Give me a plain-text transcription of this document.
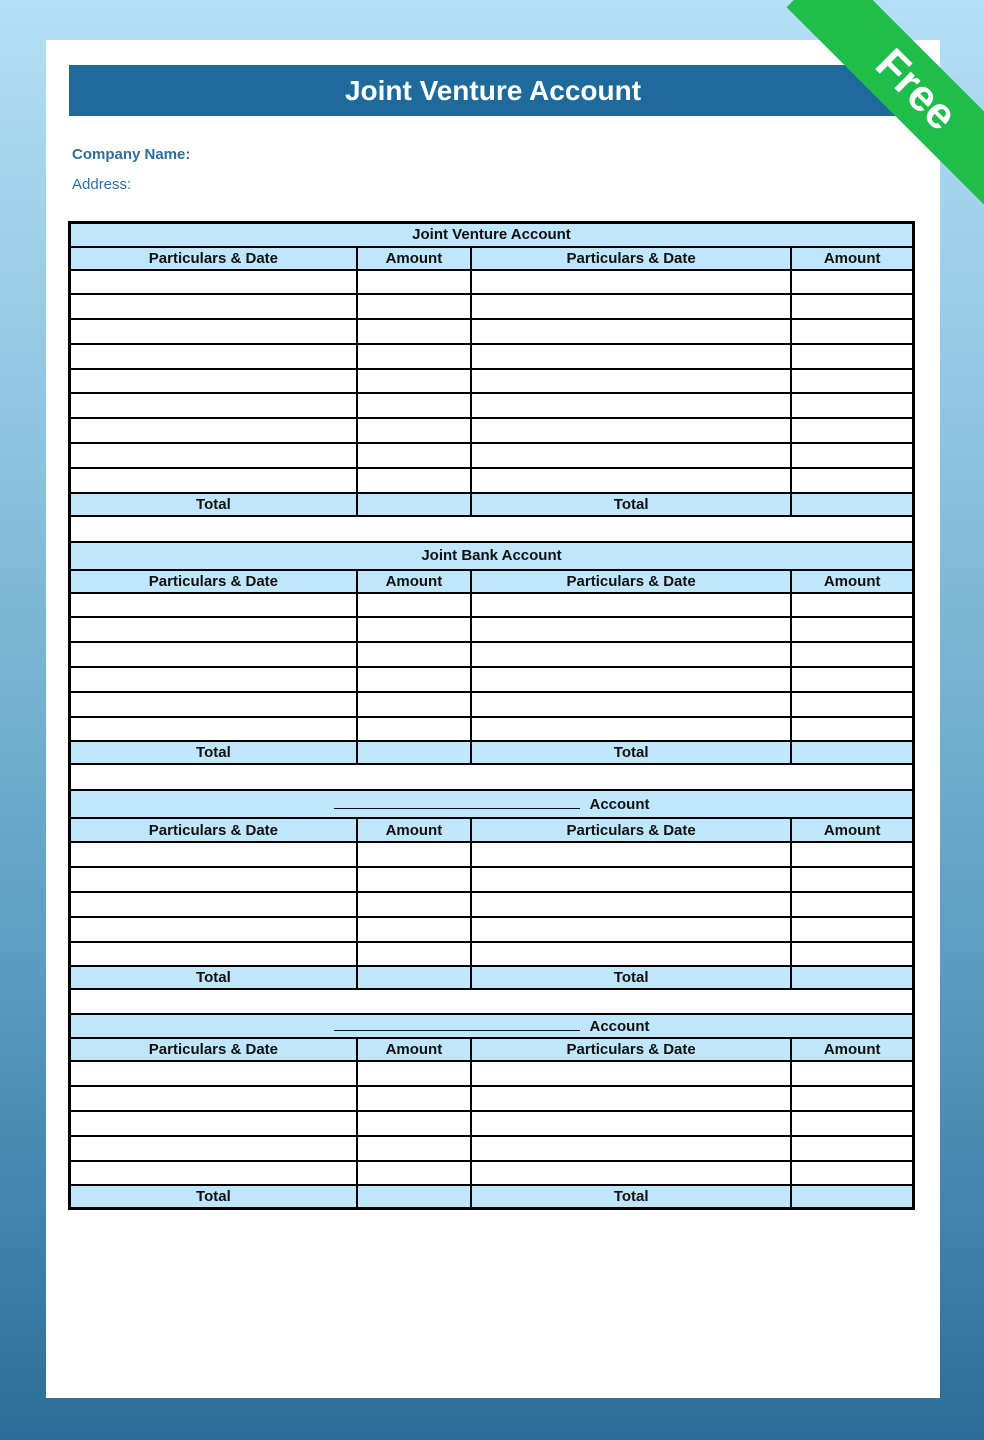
Joint Venture Account
Company Name:
Address:
Joint Venture Account			
Particulars & Date	Amount	Particulars & Date	Amount

Total		Total	

Joint Bank Account			
Particulars & Date	Amount	Particulars & Date	Amount

Total		Total	

Account			
Particulars & Date	Amount	Particulars & Date	Amount

Total		Total	

Account			
Particulars & Date	Amount	Particulars & Date	Amount

Total		Total	
Free
